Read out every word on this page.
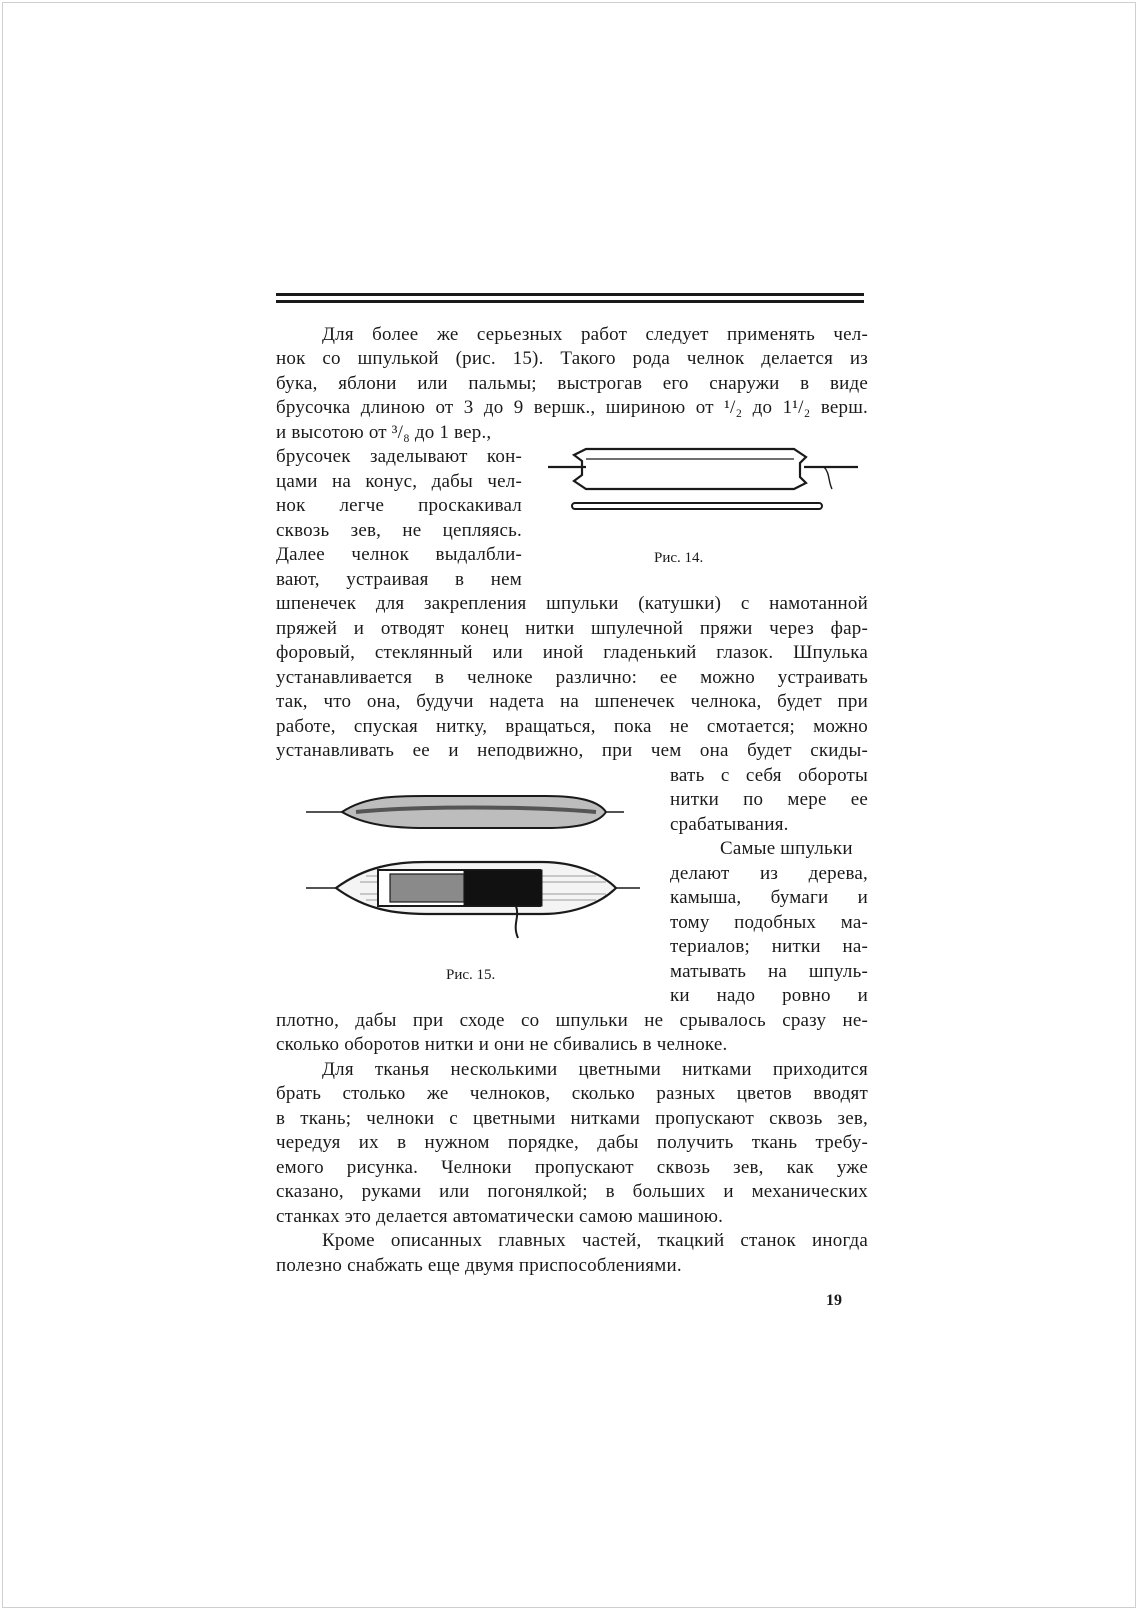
Рис. 14.
Рис. 15.
Для более же серьезных работ следует применять чел-
нок со шпулькой (рис. 15). Такого рода челнок делается из
бука, яблони или пальмы; выстрогав его снаружи в виде
брусочка длиною от 3 до 9 вершк., шириною от ¹/₂ до 1¹/₂ верш.
и высотою от ³/₈ до 1 вер.,
брусочек заделывают кон-
цами на конус, дабы чел-
нок легче проскакивал
сквозь зев, не цепляясь.
Далее челнок выдалбли-
вают, устраивая в нем
шпенечек для закрепления шпульки (катушки) с намотанной
пряжей и отводят конец нитки шпулечной пряжи через фар-
форовый, стеклянный или иной гладенький глазок. Шпулька
устанавливается в челноке различно: ее можно устраивать
так, что она, будучи надета на шпенечек челнока, будет при
работе, спуская нитку, вращаться, пока не смотается; можно
устанавливать ее и неподвижно, при чем она будет скиды-
вать с себя обороты
нитки по мере ее
срабатывания.
Самые шпульки
делают из дерева,
камыша, бумаги и
тому подобных ма-
териалов; нитки на-
матывать на шпуль-
ки надо ровно и
плотно, дабы при сходе со шпульки не срывалось сразу не-
сколько оборотов нитки и они не сбивались в челноке.
Для тканья несколькими цветными нитками приходится
брать столько же челноков, сколько разных цветов вводят
в ткань; челноки с цветными нитками пропускают сквозь зев,
чередуя их в нужном порядке, дабы получить ткань требу-
емого рисунка. Челноки пропускают сквозь зев, как уже
сказано, руками или погонялкой; в больших и механических
станках это делается автоматически самою машиною.
Кроме описанных главных частей, ткацкий станок иногда
полезно снабжать еще двумя приспособлениями.
19
